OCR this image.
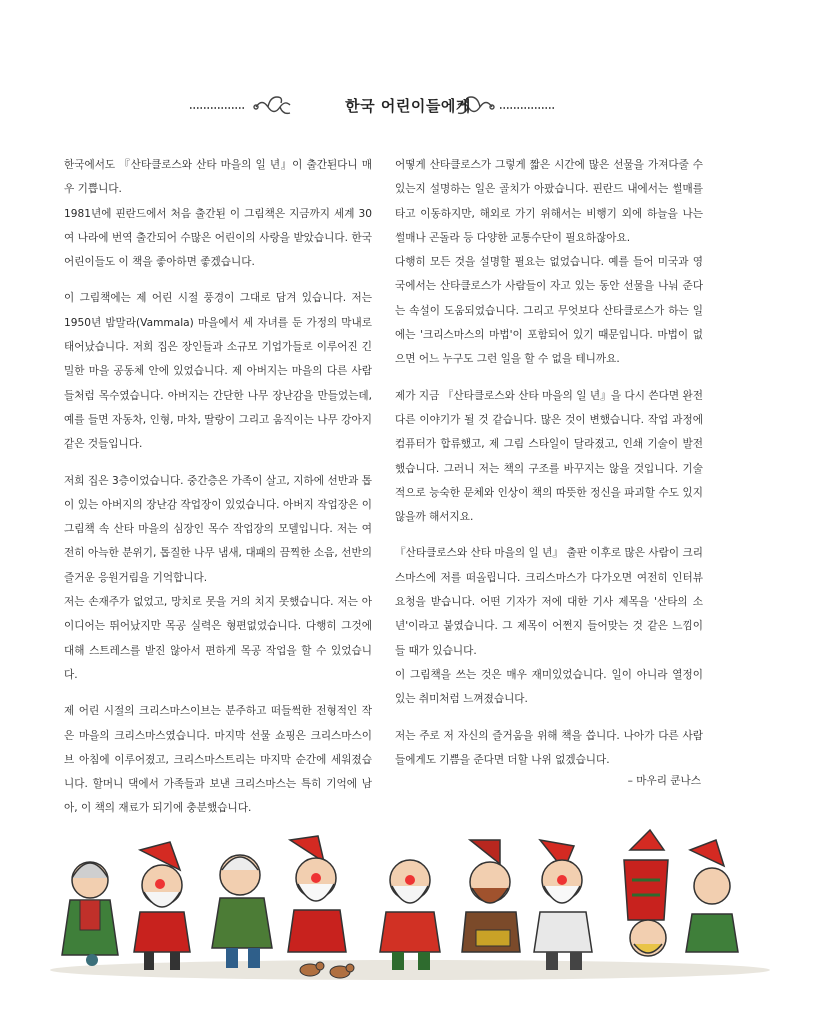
한국 어린이들에게

한국에서도 『산타클로스와 산타 마을의 일 년』이 출간된다니 매우 기쁩니다.

1981년에 핀란드에서 처음 출간된 이 그림책은 지금까지 세계 30여 나라에 번역 출간되어 수많은 어린이의 사랑을 받았습니다. 한국 어린이들도 이 책을 좋아하면 좋겠습니다.

이 그림책에는 제 어린 시절 풍경이 그대로 담겨 있습니다. 저는 1950년 밤말라(Vammala) 마을에서 세 자녀를 둔 가정의 막내로 태어났습니다. 저희 집은 장인들과 소규모 기업가들로 이루어진 긴밀한 마을 공동체 안에 있었습니다. 제 아버지는 마을의 다른 사람들처럼 목수였습니다. 아버지는 간단한 나무 장난감을 만들었는데, 예를 들면 자동차, 인형, 마차, 딸랑이 그리고 움직이는 나무 강아지 같은 것들입니다.

저희 집은 3층이었습니다. 중간층은 가족이 살고, 지하에 선반과 톱이 있는 아버지의 장난감 작업장이 있었습니다. 아버지 작업장은 이 그림책 속 산타 마을의 심장인 목수 작업장의 모델입니다. 저는 여전히 아늑한 분위기, 톱질한 나무 냄새, 대패의 끔찍한 소음, 선반의 즐거운 응원거림을 기억합니다.

저는 손재주가 없었고, 망치로 못을 거의 치지 못했습니다. 저는 아이디어는 뛰어났지만 목공 실력은 형편없었습니다. 다행히 그것에 대해 스트레스를 받진 않아서 편하게 목공 작업을 할 수 있었습니다.

제 어린 시절의 크리스마스이브는 분주하고 떠들썩한 전형적인 작은 마을의 크리스마스였습니다. 마지막 선물 쇼핑은 크리스마스이브 아침에 이루어졌고, 크리스마스트리는 마지막 순간에 세워졌습니다. 할머니 댁에서 가족들과 보낸 크리스마스는 특히 기억에 남아, 이 책의 재료가 되기에 충분했습니다.

어떻게 산타클로스가 그렇게 짧은 시간에 많은 선물을 가져다줄 수 있는지 설명하는 일은 골치가 아팠습니다. 핀란드 내에서는 썰매를 타고 이동하지만, 해외로 가기 위해서는 비행기 외에 하늘을 나는 썰매나 곤돌라 등 다양한 교통수단이 필요하잖아요.

다행히 모든 것을 설명할 필요는 없었습니다. 예를 들어 미국과 영국에서는 산타클로스가 사람들이 자고 있는 동안 선물을 나눠 준다는 속설이 도움되었습니다. 그리고 무엇보다 산타클로스가 하는 일에는 '크리스마스의 마법'이 포함되어 있기 때문입니다. 마법이 없으면 어느 누구도 그런 일을 할 수 없을 테니까요.

제가 지금 『산타클로스와 산타 마을의 일 년』을 다시 쓴다면 완전 다른 이야기가 될 것 같습니다. 많은 것이 변했습니다. 작업 과정에 컴퓨터가 합류했고, 제 그림 스타일이 달라졌고, 인쇄 기술이 발전했습니다. 그러니 저는 책의 구조를 바꾸지는 않을 것입니다. 기술적으로 능숙한 문체와 인상이 책의 따뜻한 정신을 파괴할 수도 있지 않을까 해서지요.

『산타클로스와 산타 마을의 일 년』 출판 이후로 많은 사람이 크리스마스에 저를 떠올립니다. 크리스마스가 다가오면 여전히 인터뷰 요청을 받습니다. 어떤 기자가 저에 대한 기사 제목을 '산타의 소년'이라고 붙였습니다. 그 제목이 어쩐지 들어맞는 것 같은 느낌이 들 때가 있습니다.

이 그림책을 쓰는 것은 매우 재미있었습니다. 일이 아니라 열정이 있는 취미처럼 느껴졌습니다.

저는 주로 저 자신의 즐거움을 위해 책을 씁니다. 나아가 다른 사람들에게도 기쁨을 준다면 더할 나위 없겠습니다.

– 마우리 쿤나스
